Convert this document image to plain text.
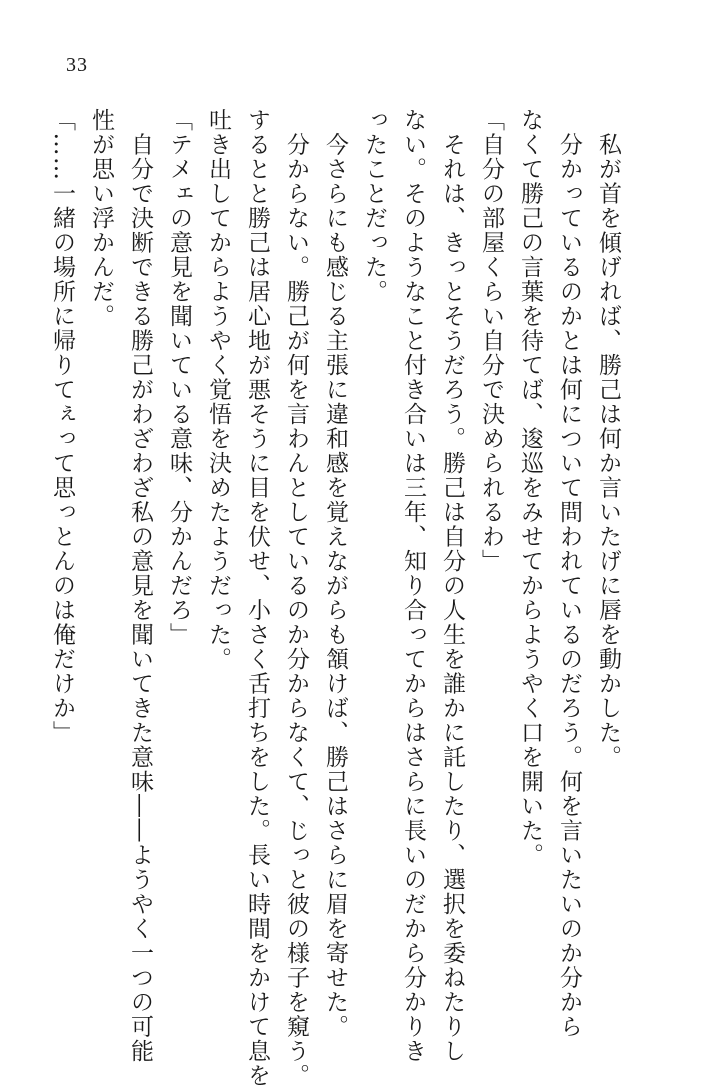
33

　私が首を傾げれば、勝己は何か言いたげに唇を動かした。

　分かっているのかとは何について問われているのだろう。何を言いたいのか分から

なくて勝己の言葉を待てば、逡巡をみせてからようやく口を開いた。

「自分の部屋くらい自分で決められるわ」

　それは、きっとそうだろう。勝己は自分の人生を誰かに託したり、選択を委ねたりし

ない。そのようなこと付き合いは三年、知り合ってからはさらに長いのだから分かりき

ったことだった。

　今さらにも感じる主張に違和感を覚えながらも頷けば、勝己はさらに眉を寄せた。

　分からない。勝己が何を言わんとしているのか分からなくて、じっと彼の様子を窺う。

するとと勝己は居心地が悪そうに目を伏せ、小さく舌打ちをした。長い時間をかけて息を

吐き出してからようやく覚悟を決めたようだった。

「テメェの意見を聞いている意味、分かんだろ」

　自分で決断できる勝己がわざわざ私の意見を聞いてきた意味――ようやく一つの可能

性が思い浮かんだ。

「……一緒の場所に帰りてぇって思っとんのは俺だけか」
